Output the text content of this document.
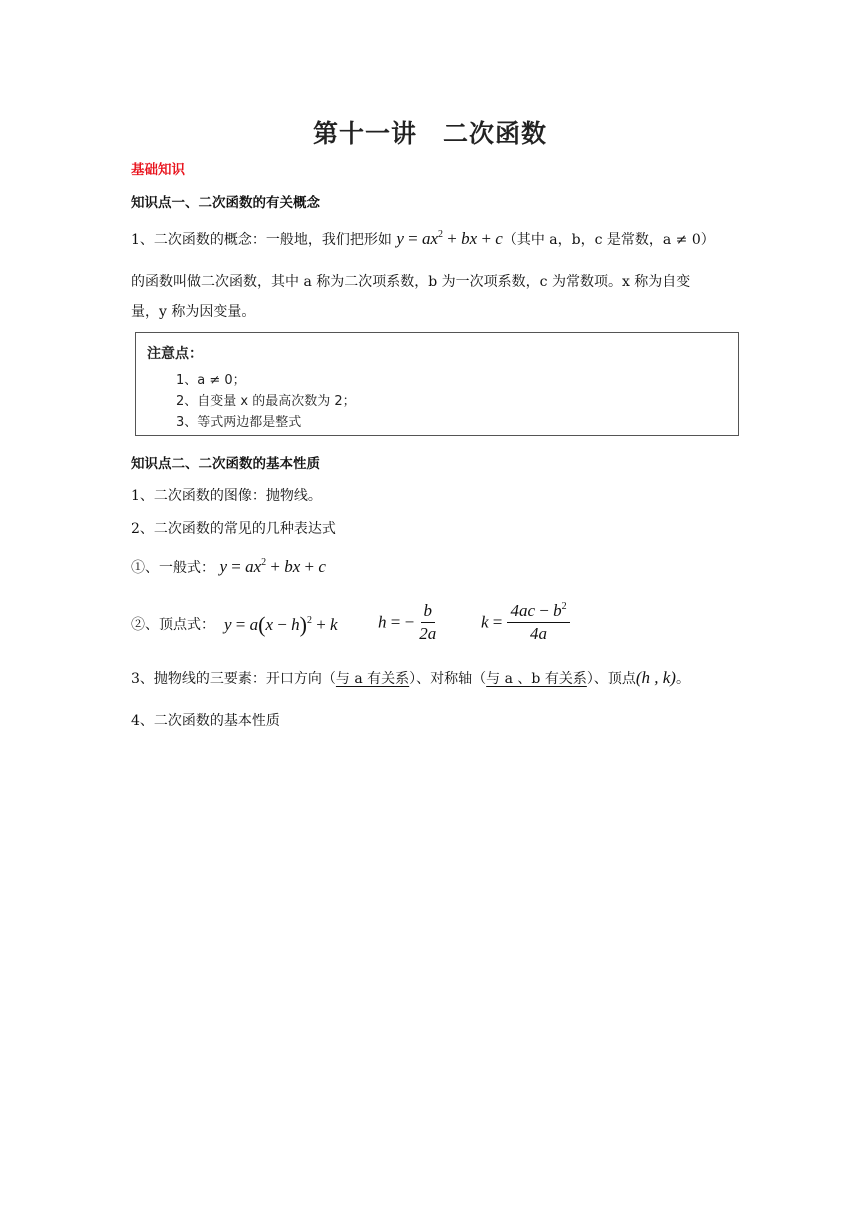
第十一讲　二次函数
基础知识
知识点一、二次函数的有关概念
1、二次函数的概念：一般地，我们把形如 $y = ax^2$ + bx + c（其中 a，b，c 是常数，a ≠ 0）
的函数叫做二次函数，其中 a 称为二次项系数，b 为一次项系数，c 为常数项。x 称为自变
量，y 称为因变量。
注意点：
1、a ≠ 0；
2、自变量 x 的最高次数为 2；
3、等式两边都是整式
知识点二、二次函数的基本性质
1、二次函数的图像：抛物线。
2、二次函数的常见的几种表达式
①、一般式： $y = ax^2$ + bx + c
②、顶点式： $y = a(x - h)^2 + k$ h = − $\frac{b}{2a}$	$k = \frac{4ac - b^2}{4a}$
3、抛物线的三要素：开口方向（与 a 有关系）、对称轴（与 a 、b 有关系）、顶点(h , k)。
4、二次函数的基本性质
